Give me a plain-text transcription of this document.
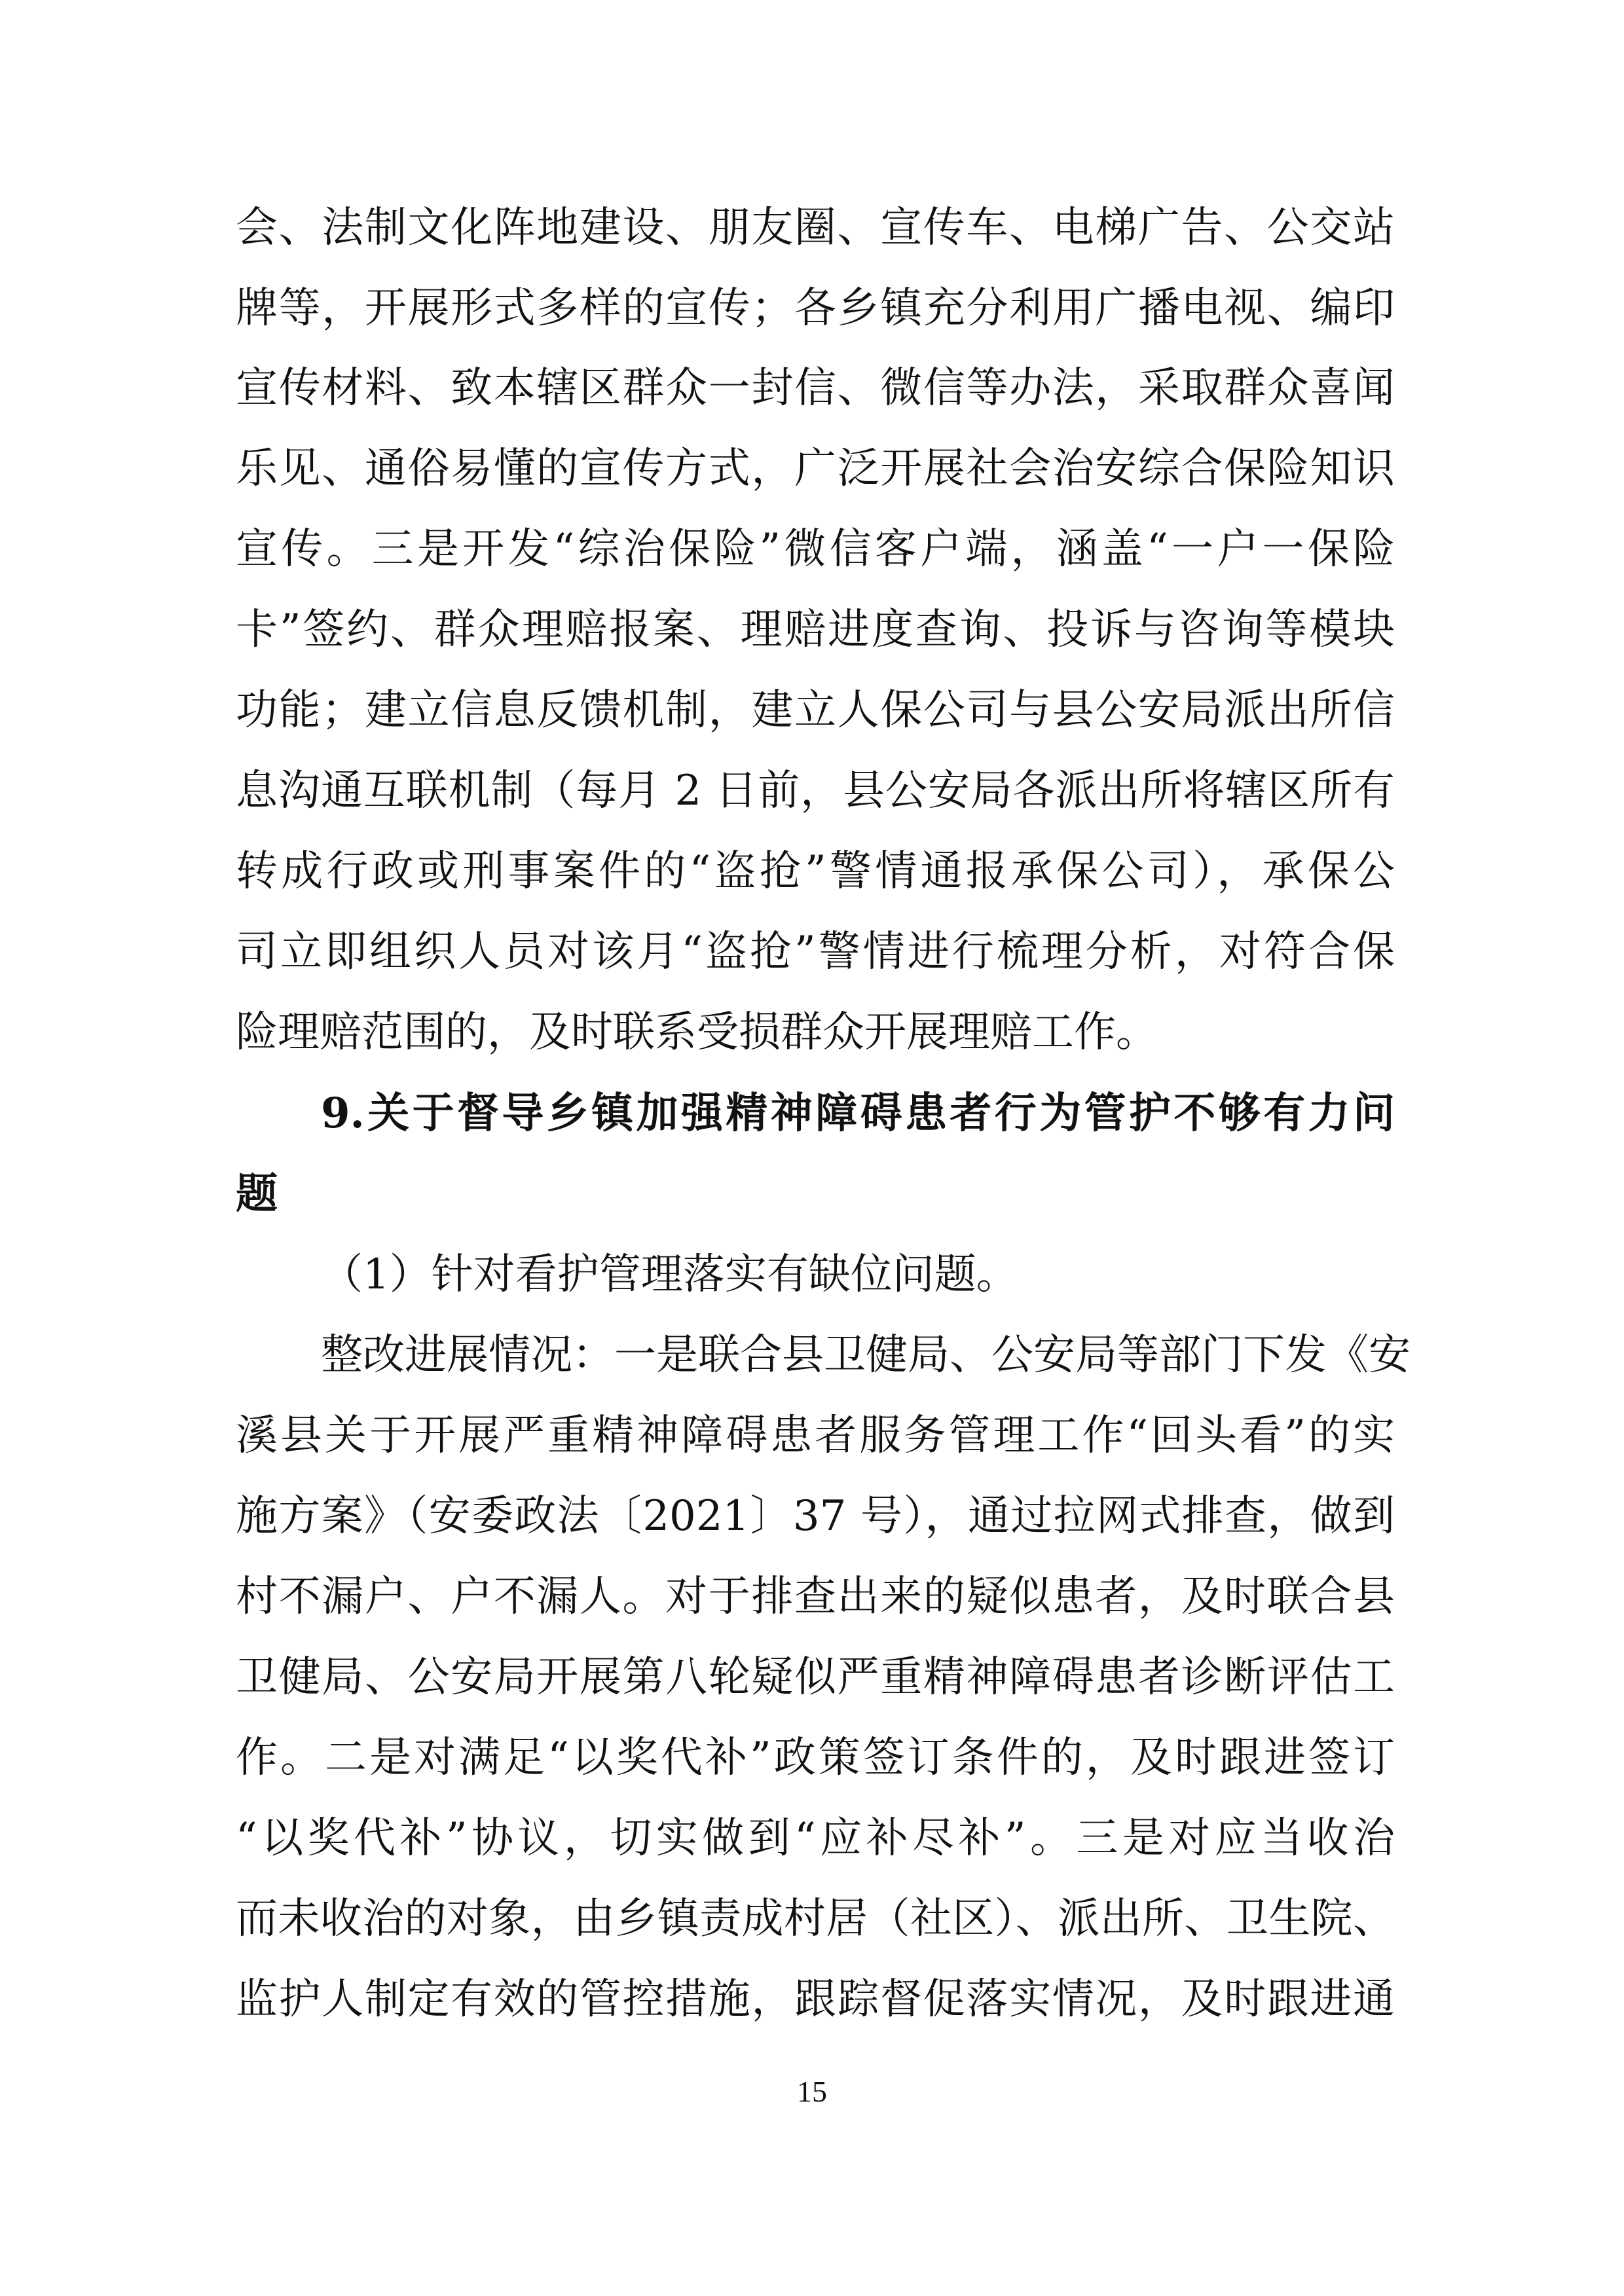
会、法制文化阵地建设、朋友圈、宣传车、电梯广告、公交站
牌等，开展形式多样的宣传；各乡镇充分利用广播电视、编印
宣传材料、致本辖区群众一封信、微信等办法，采取群众喜闻
乐见、通俗易懂的宣传方式，广泛开展社会治安综合保险知识
宣传。三是开发“综治保险”微信客户端，涵盖“一户一保险
卡”签约、群众理赔报案、理赔进度查询、投诉与咨询等模块
功能；建立信息反馈机制，建立人保公司与县公安局派出所信
息沟通互联机制（每月 2 日前，县公安局各派出所将辖区所有
转成行政或刑事案件的“盗抢”警情通报承保公司），承保公
司立即组织人员对该月“盗抢”警情进行梳理分析，对符合保
险理赔范围的，及时联系受损群众开展理赔工作。
9.关于督导乡镇加强精神障碍患者行为管护不够有力问
题
（1）针对看护管理落实有缺位问题。
整改进展情况：一是联合县卫健局、公安局等部门下发《安
溪县关于开展严重精神障碍患者服务管理工作“回头看”的实
施方案》（安委政法〔2021〕37 号），通过拉网式排查，做到
村不漏户、户不漏人。对于排查出来的疑似患者，及时联合县
卫健局、公安局开展第八轮疑似严重精神障碍患者诊断评估工
作。二是对满足“以奖代补”政策签订条件的，及时跟进签订
“以奖代补”协议，切实做到“应补尽补”。三是对应当收治
而未收治的对象，由乡镇责成村居（社区）、派出所、卫生院、
监护人制定有效的管控措施，跟踪督促落实情况，及时跟进通
15
